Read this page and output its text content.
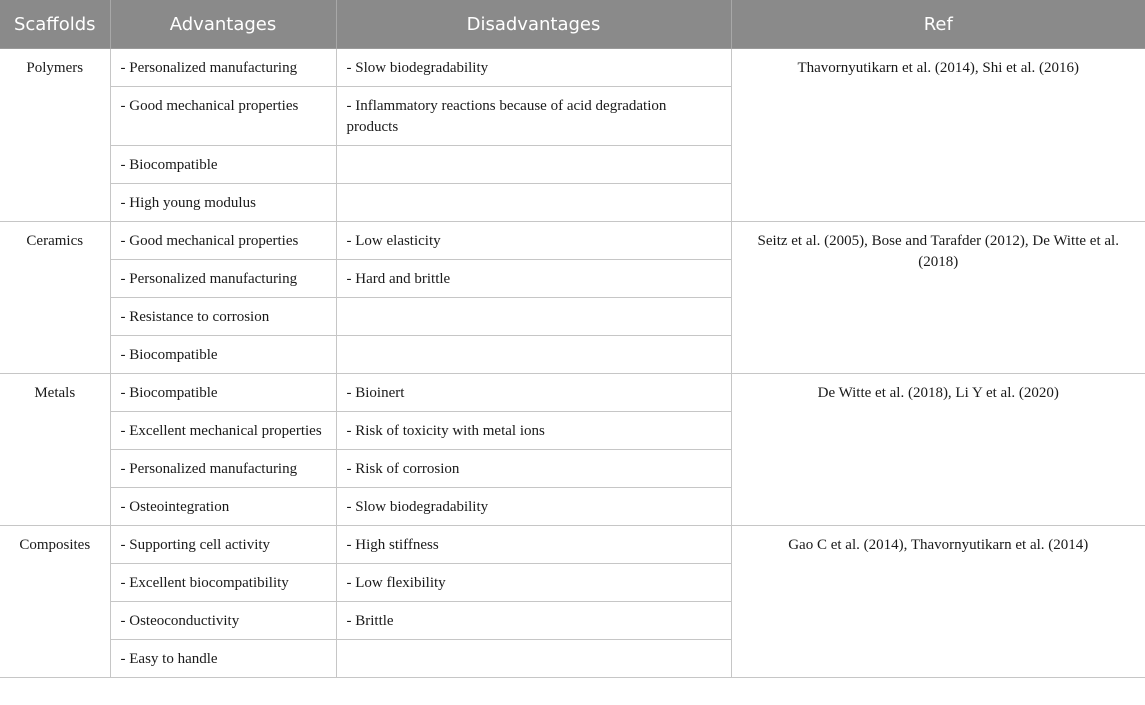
Scaffolds	Advantages	Disadvantages	Ref
Polymers	- Personalized manufacturing	- Slow biodegradability	Thavornyutikarn et al. (2014), Shi et al. (2016)
	- Good mechanical properties	- Inflammatory reactions because of acid degradation products	
	- Biocompatible		
	- High young modulus		
Ceramics	- Good mechanical properties	- Low elasticity	Seitz et al. (2005), Bose and Tarafder (2012), De Witte et al. (2018)
	- Personalized manufacturing	- Hard and brittle	
	- Resistance to corrosion		
	- Biocompatible		
Metals	- Biocompatible	- Bioinert	De Witte et al. (2018), Li Y et al. (2020)
	- Excellent mechanical properties	- Risk of toxicity with metal ions	
	- Personalized manufacturing	- Risk of corrosion	
	- Osteointegration	- Slow biodegradability	
Composites	- Supporting cell activity	- High stiffness	Gao C et al. (2014), Thavornyutikarn et al. (2014)
	- Excellent biocompatibility	- Low flexibility	
	- Osteoconductivity	- Brittle	
	- Easy to handle		
